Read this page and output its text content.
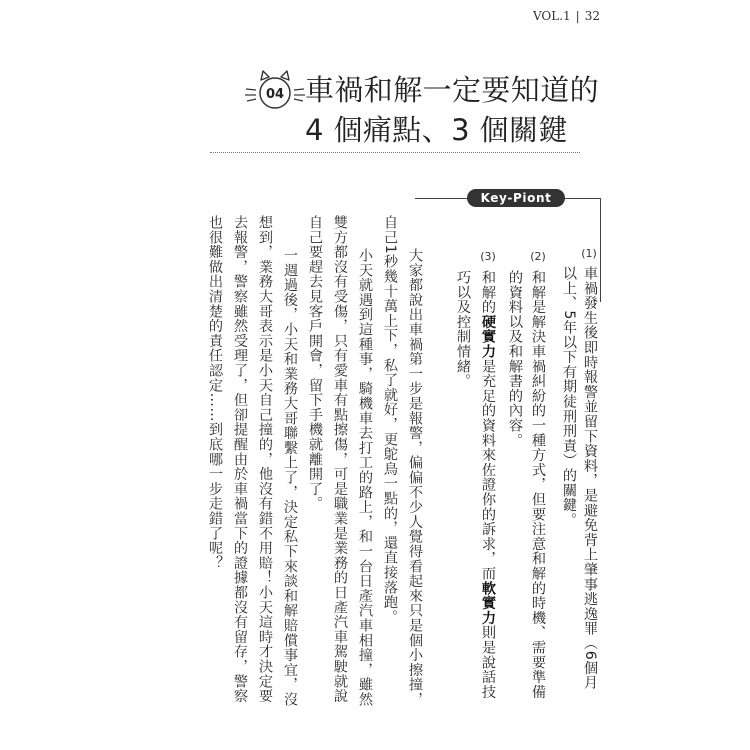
VOL.1 | 32
04 車禍和解一定要知道的
4 個痛點、3 個關鍵
Key-Piont
(1)
車禍發生後即時報警並留下資料，是避免背上肇事逃逸罪（6個月
以上、5年以下有期徒刑刑責）的關鍵。
(2)
和解是解決車禍糾紛的一種方式，但要注意和解的時機、需要準備
的資料以及和解書的內容。
(3)
和解的硬實力是充足的資料來佐證你的訴求，而軟實力則是說話技
巧以及控制情緒。
大家都說出車禍第一步是報警，偏偏不少人覺得看起來只是個小擦撞，
自己1秒幾十萬上下，私了就好，更鴕鳥一點的，還直接落跑。
小天就遇到這種事，騎機車去打工的路上，和一台日產汽車相撞，雖然
雙方都沒有受傷，只有愛車有點擦傷，可是職業是業務的日產汽車駕駛就說
自己要趕去見客戶開會，留下手機就離開了。
一週過後，小天和業務大哥聯繫上了，決定私下來談和解賠償事宜，沒
想到，業務大哥表示是小天自己撞的，他沒有錯不用賠！小天這時才決定要
去報警，警察雖然受理了，但卻提醒由於車禍當下的證據都沒有留存，警察
也很難做出清楚的責任認定……到底哪一步走錯了呢？
